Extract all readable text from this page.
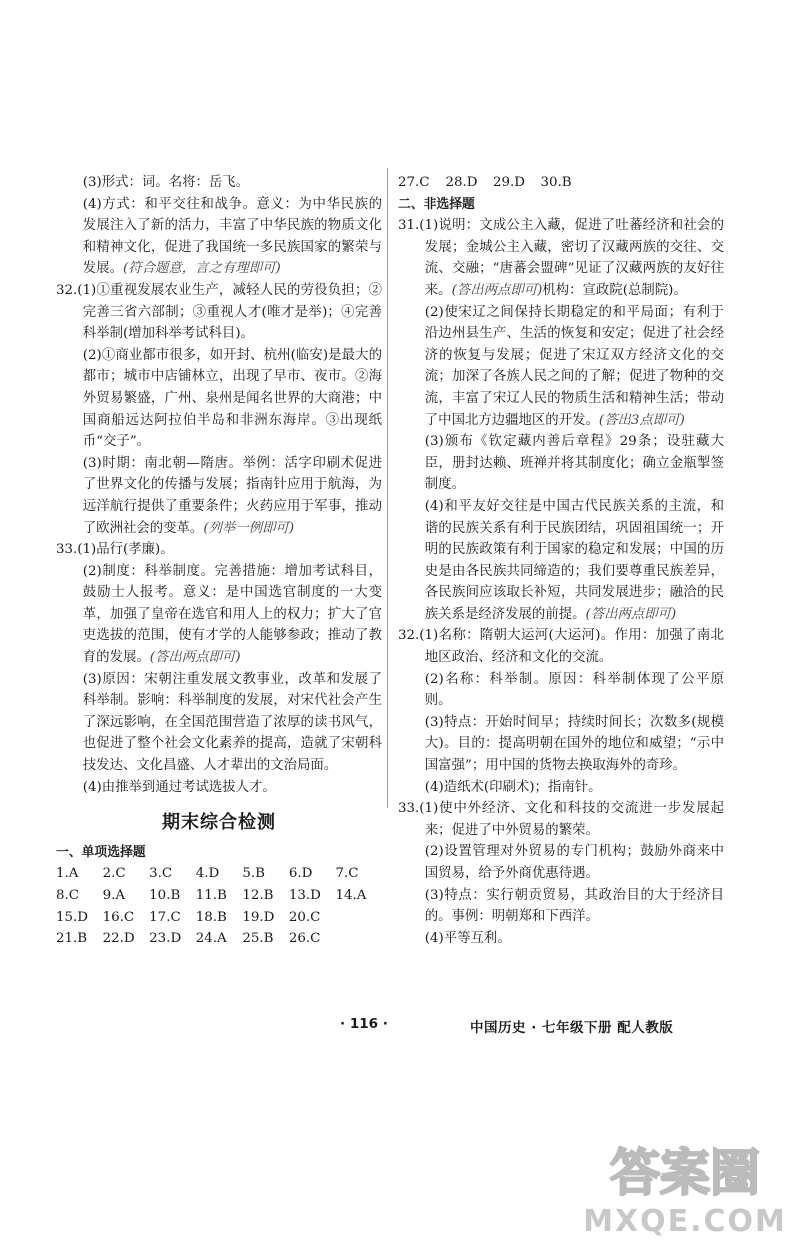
(3)形式：词。名将：岳飞。

(4)方式：和平交往和战争。意义：为中华民族的发展注入了新的活力，丰富了中华民族的物质文化和精神文化，促进了我国统一多民族国家的繁荣与发展。(符合题意，言之有理即可)

32.(1)①重视发展农业生产，减轻人民的劳役负担；②完善三省六部制；③重视人才(唯才是举)；④完善科举制(增加科举考试科目)。

(2)①商业都市很多，如开封、杭州(临安)是最大的都市；城市中店铺林立，出现了早市、夜市。②海外贸易繁盛，广州、泉州是闻名世界的大商港；中国商船远达阿拉伯半岛和非洲东海岸。③出现纸币“交子”。

(3)时期：南北朝—隋唐。举例：活字印刷术促进了世界文化的传播与发展；指南针应用于航海，为远洋航行提供了重要条件；火药应用于军事，推动了欧洲社会的变革。(列举一例即可)

33.(1)品行(孝廉)。

(2)制度：科举制度。完善措施：增加考试科目，鼓励士人报考。意义：是中国选官制度的一大变革，加强了皇帝在选官和用人上的权力；扩大了官吏选拔的范围，使有才学的人能够参政；推动了教育的发展。(答出两点即可)

(3)原因：宋朝注重发展文教事业，改革和发展了科举制。影响：科举制度的发展，对宋代社会产生了深远影响，在全国范围营造了浓厚的读书风气，也促进了整个社会文化素养的提高，造就了宋朝科技发达、文化昌盛、人才辈出的文治局面。

(4)由推举到通过考试选拔人才。

期末综合检测

一、单项选择题

1.A	2.C	3.C	4.D	5.B	6.D	7.C
8.C	9.A	10.B	11.B	12.B	13.D	14.A
15.D	16.C	17.C	18.B	19.D	20.C
21.B	22.D	23.D	24.A	25.B	26.C
27.C	28.D	29.D	30.B

二、非选择题

31.(1)说明：文成公主入藏，促进了吐蕃经济和社会的发展；金城公主入藏，密切了汉藏两族的交往、交流、交融；“唐蕃会盟碑”见证了汉藏两族的友好往来。(答出两点即可)机构：宣政院(总制院)。

(2)使宋辽之间保持长期稳定的和平局面；有利于沿边州县生产、生活的恢复和安定；促进了社会经济的恢复与发展；促进了宋辽双方经济文化的交流；加深了各族人民之间的了解；促进了物种的交流，丰富了宋辽人民的物质生活和精神生活；带动了中国北方边疆地区的开发。(答出3点即可)

(3)颁布《钦定藏内善后章程》29条；设驻藏大臣，册封达赖、班禅并将其制度化；确立金瓶掣签制度。

(4)和平友好交往是中国古代民族关系的主流，和谐的民族关系有利于民族团结，巩固祖国统一；开明的民族政策有利于国家的稳定和发展；中国的历史是由各民族共同缔造的；我们要尊重民族差异，各民族间应该取长补短，共同发展进步；融洽的民族关系是经济发展的前提。(答出两点即可)

32.(1)名称：隋朝大运河(大运河)。作用：加强了南北地区政治、经济和文化的交流。

(2)名称：科举制。原因：科举制体现了公平原则。

(3)特点：开始时间早；持续时间长；次数多(规模大)。目的：提高明朝在国外的地位和威望；“示中国富强”；用中国的货物去换取海外的奇珍。

(4)造纸术(印刷术)；指南针。

33.(1)使中外经济、文化和科技的交流进一步发展起来；促进了中外贸易的繁荣。

(2)设置管理对外贸易的专门机构；鼓励外商来中国贸易，给予外商优惠待遇。

(3)特点：实行朝贡贸易，其政治目的大于经济目的。事例：明朝郑和下西洋。

(4)平等互利。

· 116 ·	中国历史 · 七年级下册 配人教版
答案圈
MXQE.COM
